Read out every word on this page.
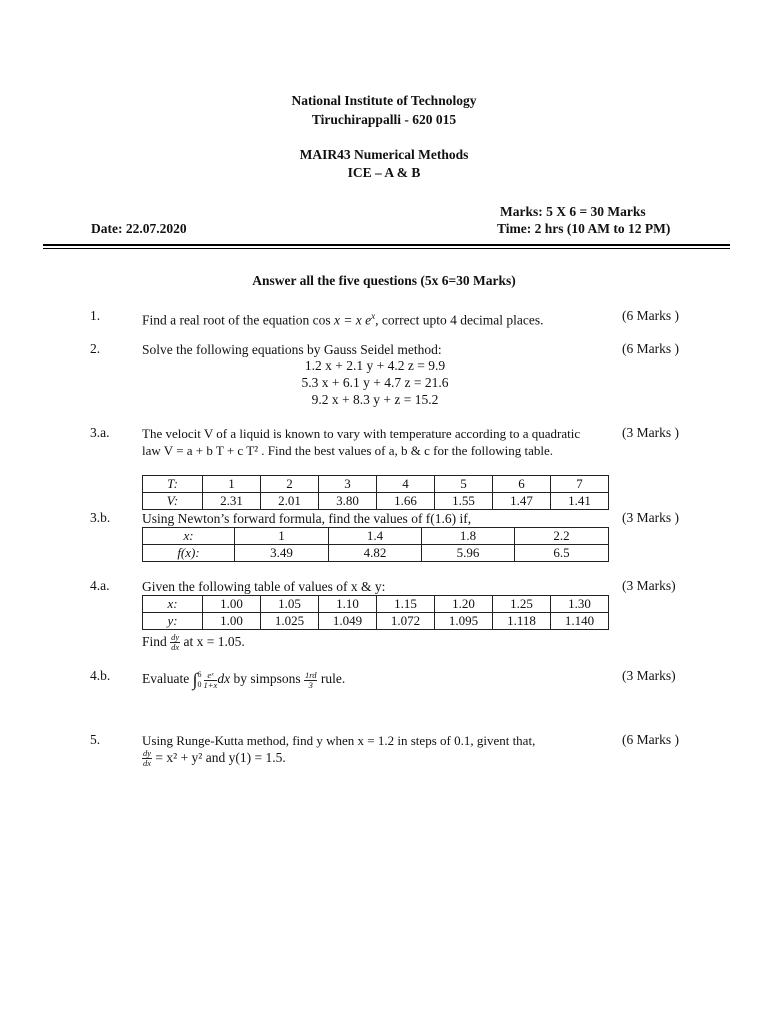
National Institute of Technology
Tiruchirappalli - 620 015
MAIR43 Numerical Methods
ICE – A & B
Marks: 5 X 6 = 30 Marks
Date: 22.07.2020	Time: 2 hrs (10 AM to 12 PM)
Answer all the five questions (5x 6=30 Marks)
1.	Find a real root of the equation cos x = x $e^x$, correct upto 4 decimal places.	(6 Marks )
2.	Solve the following equations by Gauss Seidel method:	(6 Marks )
1.2 x + 2.1 y + 4.2 z = 9.9
5.3 x + 6.1 y + 4.7 z = 21.6
9.2 x + 8.3 y + z = 15.2
3.a.	The velocit V of a liquid is known to vary with temperature according to a quadratic
law V = a + b T + c T² . Find the best values of a, b & c for the following table.
(3 Marks )
T:	1	2	3	4	5	6	7
V:	2.31	2.01	3.80	1.66	1.55	1.47	1.41
3.b. Using Newton’s forward formula, find the values of f(1.6) if,	(3 Marks )
x:	1	1.4	1.8	2.2
f(x):	3.49	4.82	5.96	6.5
4.a. Given the following table of values of x & y:	(3 Marks)
x:	1.00	1.05	1.10	1.15	1.20	1.25	1.30
y:	1.00	1.025	1.049	1.072	1.095	1.118	1.140
Find $\frac{dy}{dx}$ at x = 1.05.
4.b.	(3 Marks)
Evaluate ∫ 6
$0 \frac{\text{eˣ}}{1+x}$ dx by simpsons $\frac{1rd}{3}$ rule.
5.	Using Runge-Kutta method, find y when x = 1.2 in steps of 0.1, givent that,	(6 Marks )
$\frac{dy}{dx} = x^2 + y^2$ and y(1) = 1.5.
